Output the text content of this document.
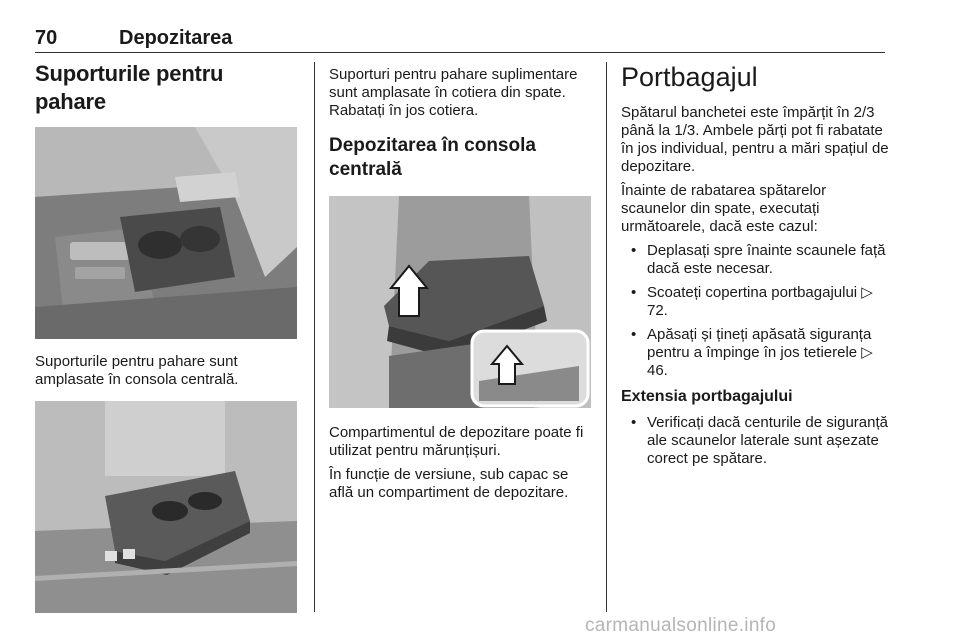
70	Depozitarea
Suporturile pentru pahare

Suporturile pentru pahare sunt amplasate în consola centrală.

Suporturi pentru pahare suplimentare sunt amplasate în cotiera din spate. Rabatați în jos cotiera.

Depozitarea în consola centrală

Compartimentul de depozitare poate fi utilizat pentru mărunțișuri.

În funcție de versiune, sub capac se află un compartiment de depozitare.

Portbagajul

Spătarul banchetei este împărțit în 2/3 până la 1/3. Ambele părți pot fi rabatate în jos individual, pentru a mări spațiul de depozitare.

Înainte de rabatarea spătarelor scaunelor din spate, executați următoarele, dacă este cazul:

• Deplasați spre înainte scaunele față dacă este necesar.
• Scoateți copertina portbagajului ▷ 72.
• Apăsați și țineți apăsată siguranța pentru a împinge în jos tetierele ▷ 46.
Extensia portbagajului
• Verificați dacă centurile de siguranță ale scaunelor laterale sunt așezate corect pe spătare.
carmanualsonline.info
